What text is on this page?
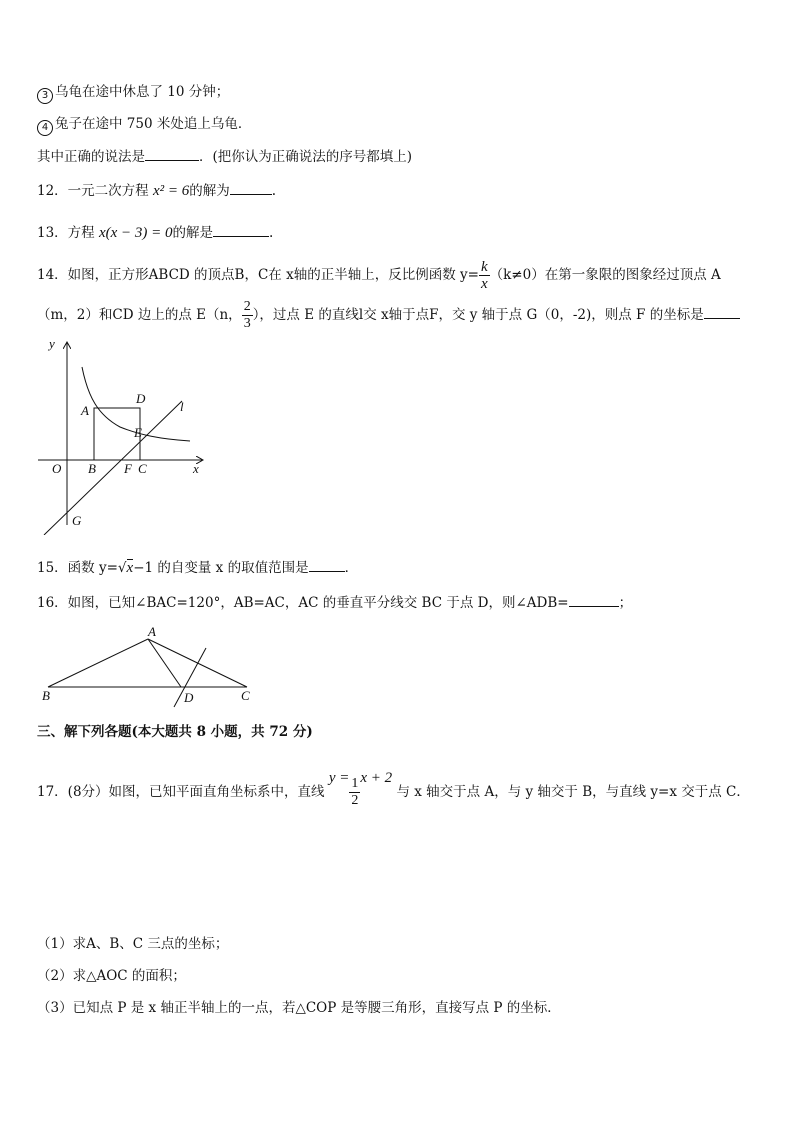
3 乌龟在途中休息了 10 分钟；
4 兔子在途中 750 米处追上乌龟．
其中正确的说法是	．(把你认为正确说法的序号都填上)
12．一元二次方程 x² = 6的解为	.
13．方程 x(x − 3) = 0的解是	.
14．如图，正方形ABCD 的顶点B，C在 x轴的正半轴上，反比例函数 $y= \frac{k}{x} (k\ne 0)$在第一象限的图象经过顶点 A
（m，2）和CD 边上的点 E（n， $\frac{2}{3}$ ），过点 E 的直线l交 x轴于点F，交 y 轴于点 G（0，-2)，则点 F 的坐标是
y
x
O
A
B
D
E
F C
G
l
15．函数 y=√x−1 的自变量 x 的取值范围是	．
16．如图，已知∠BAC=120°，AB=AC，AC 的垂直平分线交 BC 于点 D，则∠ADB=	；
A
B	D	C
三、解下列各题(本大题共 8 小题，共 72 分)
17．(8分）如图，已知平面直角坐标系中，直线 $y = \frac{1}{2}$ x + 2 与 x 轴交于点 A，与 y 轴交于 B，与直线 y=x 交于点 C．
（1）求A、B、C 三点的坐标；
（2）求△AOC 的面积；
（3）已知点 P 是 x 轴正半轴上的一点，若△COP 是等腰三角形，直接写点 P 的坐标．
